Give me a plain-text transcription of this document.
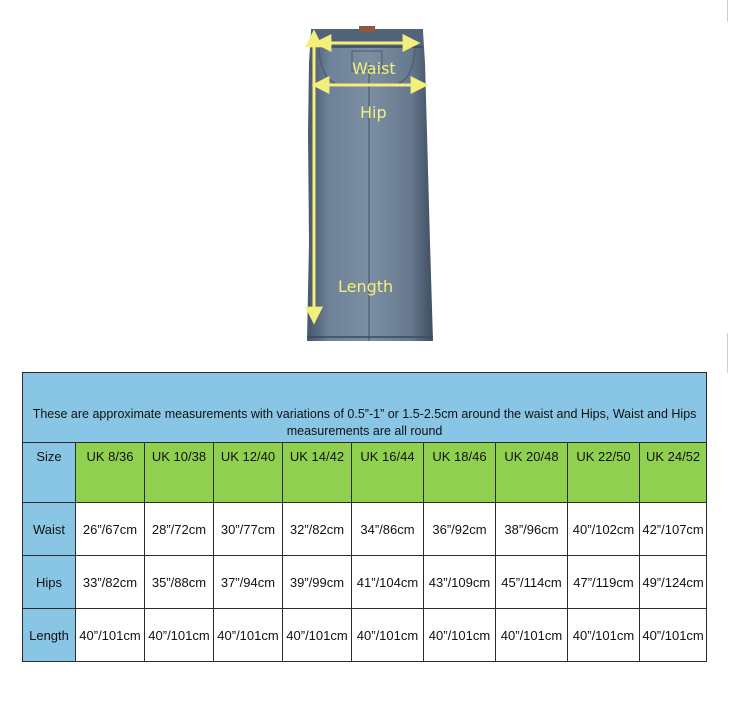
Waist
Hip
Length
These are approximate measurements with variations of 0.5”-1” or 1.5-2.5cm around the waist and Hips, Waist and Hips measurements are all round									
Size	UK 8/36	UK 10/38	UK 12/40	UK 14/42	UK 16/44	UK 18/46	UK 20/48	UK 22/50	UK 24/52
Waist	26”/67cm	28”/72cm	30”/77cm	32”/82cm	34”/86cm	36”/92cm	38”/96cm	40”/102cm	42”/107cm
Hips	33”/82cm	35”/88cm	37”/94cm	39”/99cm	41”/104cm	43”/109cm	45”/114cm	47”/119cm	49”/124cm
Length	40”/101cm	40”/101cm	40”/101cm	40”/101cm	40”/101cm	40”/101cm	40”/101cm	40”/101cm	40”/101cm
